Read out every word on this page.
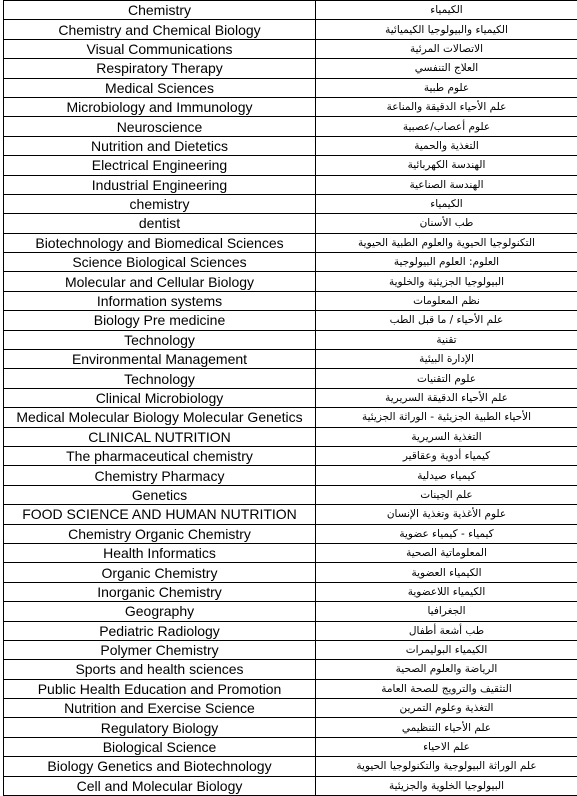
Chemistry	الكيمياء
Chemistry and Chemical Biology	الكيمياء والبيولوجيا الكيميائية
Visual Communications	الاتصالات المرئية
Respiratory Therapy	العلاج التنفسي
Medical Sciences	علوم طبية
Microbiology and Immunology	علم الأحياء الدقيقة والمناعة
Neuroscience	علوم أعصاب/عصبية
Nutrition and Dietetics	التغذية والحمية
Electrical Engineering	الهندسة الكهربائية
Industrial Engineering	الهندسة الصناعية
chemistry	الكيمياء
dentist	طب الأسنان
Biotechnology and Biomedical Sciences	التكنولوجيا الحيوية والعلوم الطبية الحيوية
Science Biological Sciences	العلوم: العلوم البيولوجية
Molecular and Cellular Biology	البيولوجيا الجزيئية والخلوية
Information systems	نظم المعلومات
Biology Pre medicine	علم الأحياء / ما قبل الطب
Technology	تقنية
Environmental Management	الإدارة البيئية
Technology	علوم التقنيات
Clinical Microbiology	علم الأحياء الدقيقة السريرية
Medical Molecular Biology Molecular Genetics	الأحياء الطبية الجزيئية - الوراثة الجزيئية
CLINICAL NUTRITION	التغذية السريرية
The pharmaceutical chemistry	كيمياء أدوية وعقاقير
Chemistry Pharmacy	كيمياء صيدلية
Genetics	علم الجينات
FOOD SCIENCE AND HUMAN NUTRITION	علوم الأغذية وتغذية الإنسان
Chemistry Organic Chemistry	كيمياء - كيمياء عضوية
Health Informatics	المعلوماتية الصحية
Organic Chemistry	الكيمياء العضوية
Inorganic Chemistry	الكيمياء اللاعضوية
Geography	الجغرافيا
Pediatric Radiology	طب أشعة أطفال
Polymer Chemistry	الكيمياء البوليمرات
Sports and health sciences	الرياضة والعلوم الصحية
Public Health Education and Promotion	التثقيف والترويج للصحة العامة
Nutrition and Exercise Science	التغذية وعلوم التمرين
Regulatory Biology	علم الأحياء التنظيمي
Biological Science	علم الاحياء
Biology Genetics and Biotechnology	علم الوراثة البيولوجية والتكنولوجيا الحيوية
Cell and Molecular Biology	البيولوجيا الخلوية والجزيئية
